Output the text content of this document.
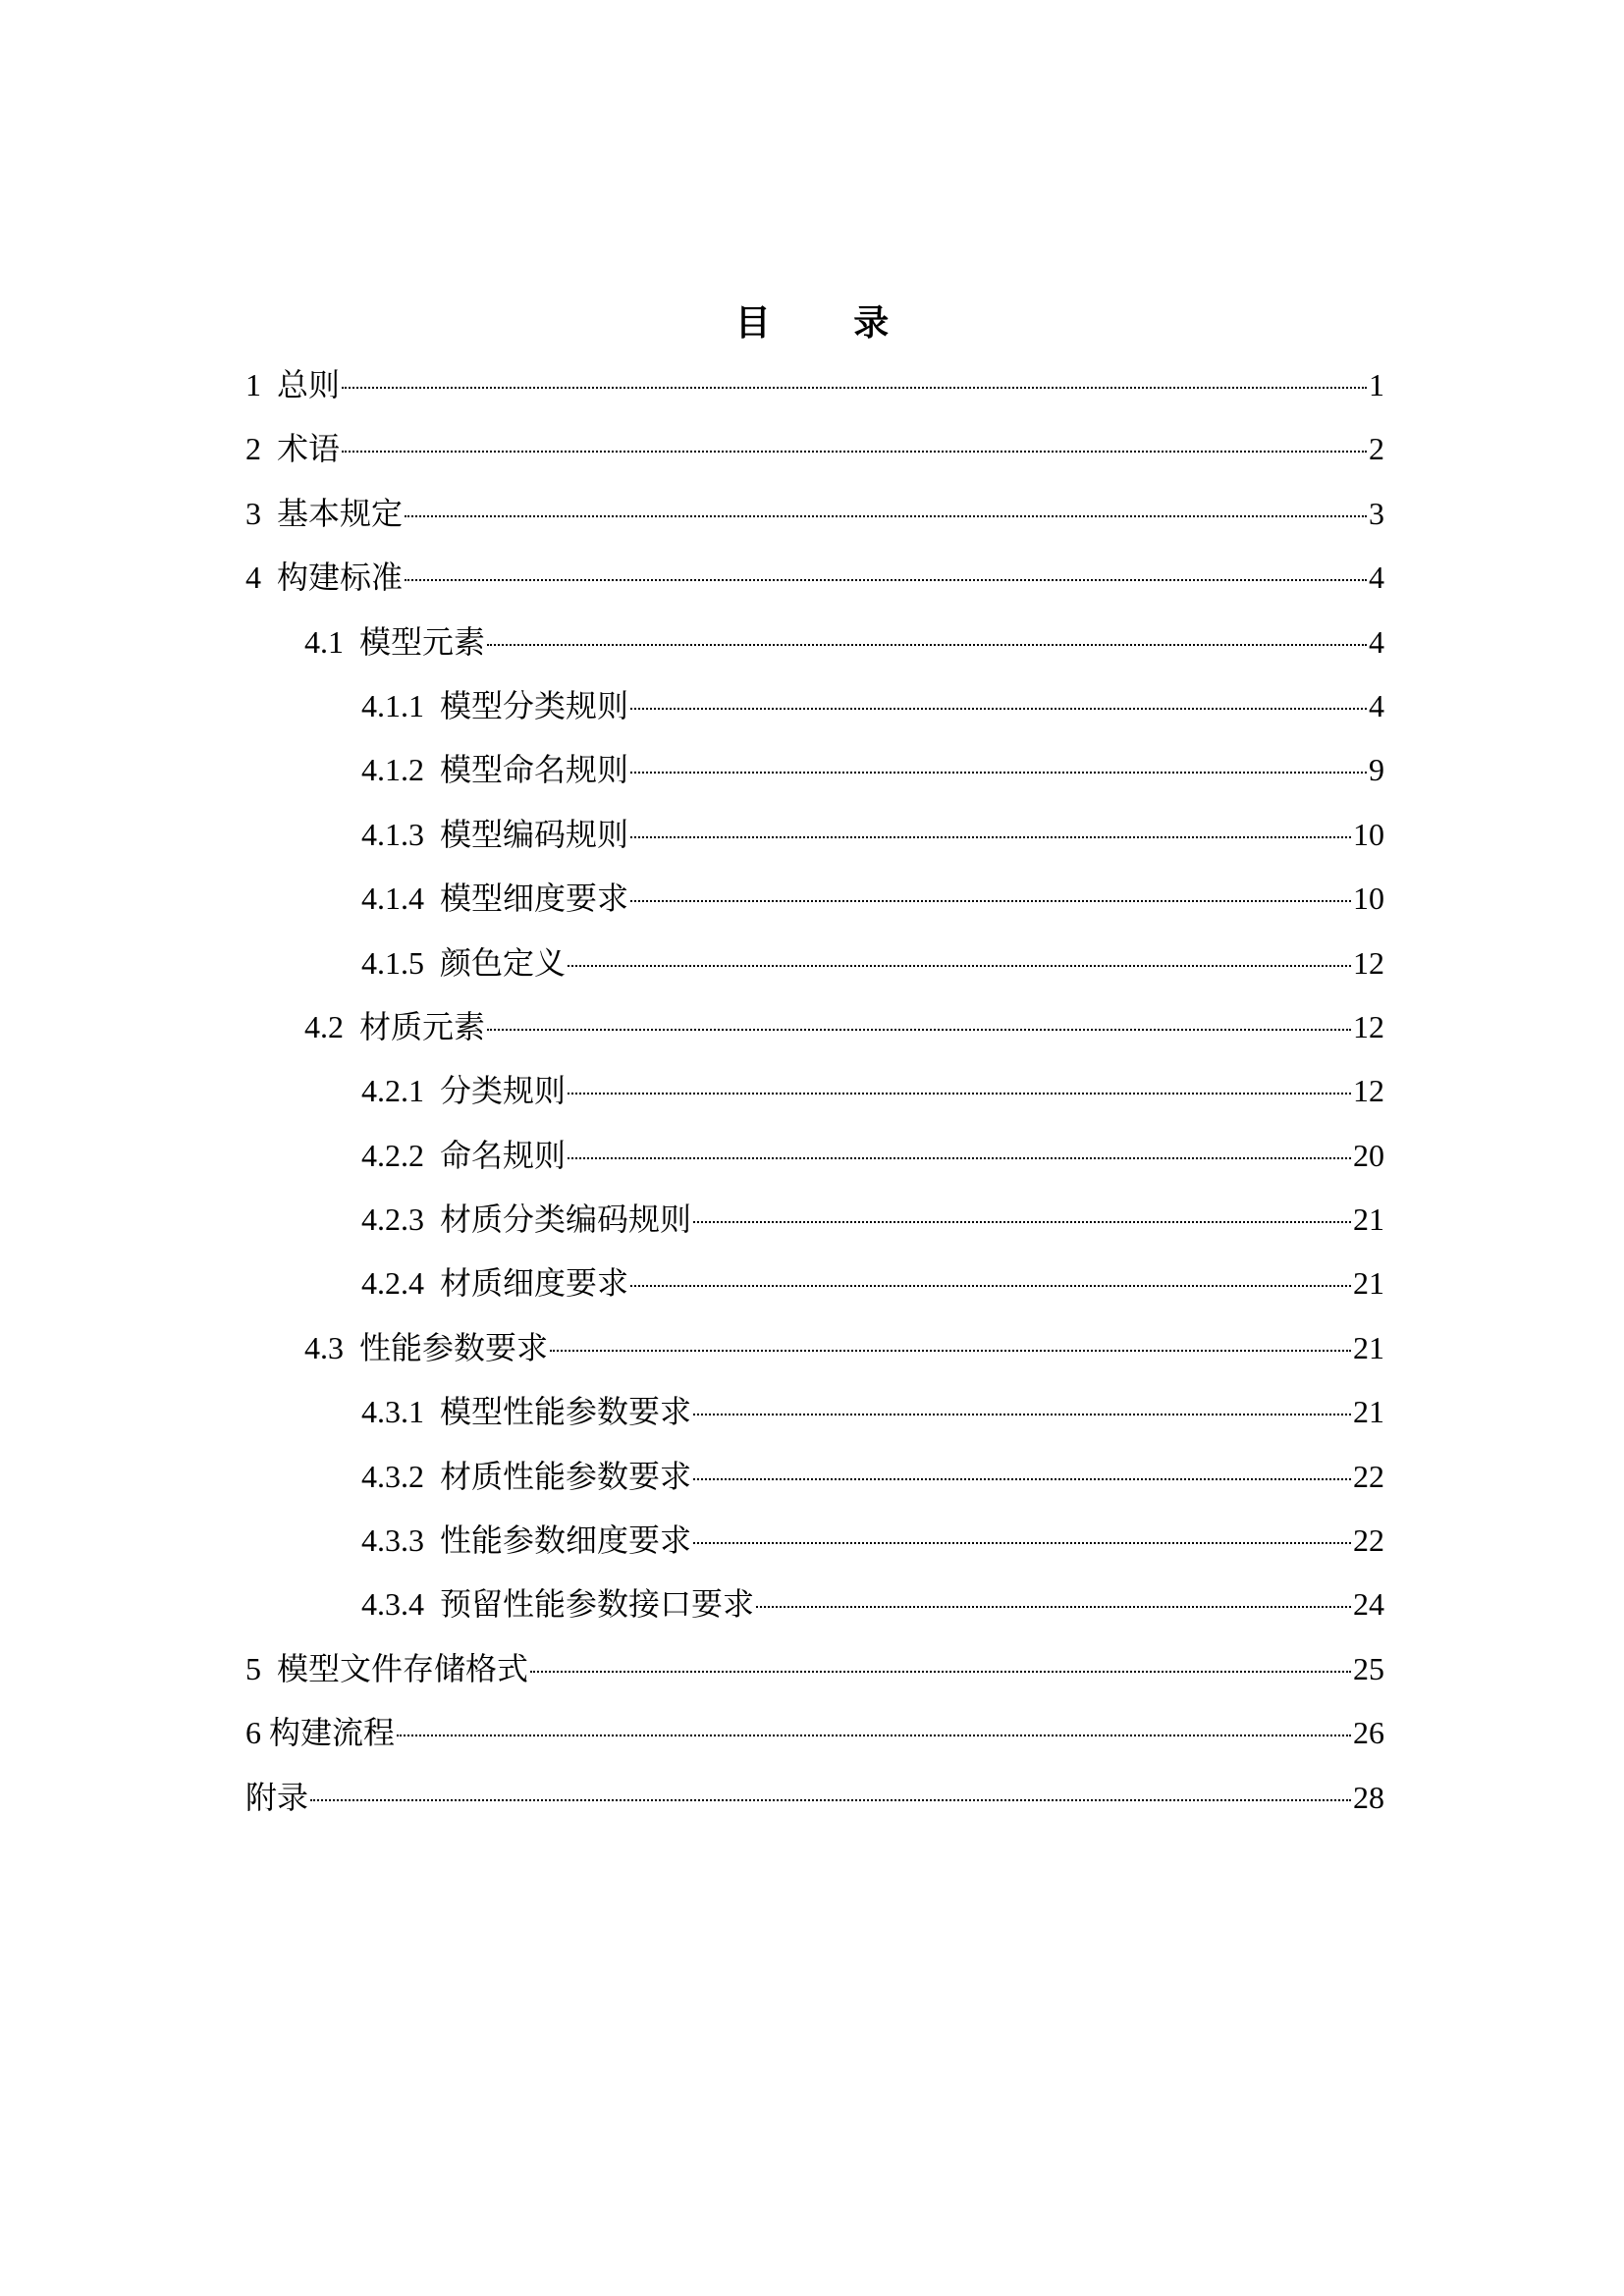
目 录
1 总则	1
2 术语	2
3 基本规定	3
4 构建标准	4
4.1 模型元素	4
4.1.1 模型分类规则	4
4.1.2 模型命名规则	9
4.1.3 模型编码规则	10
4.1.4 模型细度要求	10
4.1.5 颜色定义	12
4.2 材质元素	12
4.2.1 分类规则	12
4.2.2 命名规则	20
4.2.3 材质分类编码规则	21
4.2.4 材质细度要求	21
4.3 性能参数要求	21
4.3.1 模型性能参数要求	21
4.3.2 材质性能参数要求	22
4.3.3 性能参数细度要求	22
4.3.4 预留性能参数接口要求	24
5 模型文件存储格式	25
6 构建流程	26
附录	28
